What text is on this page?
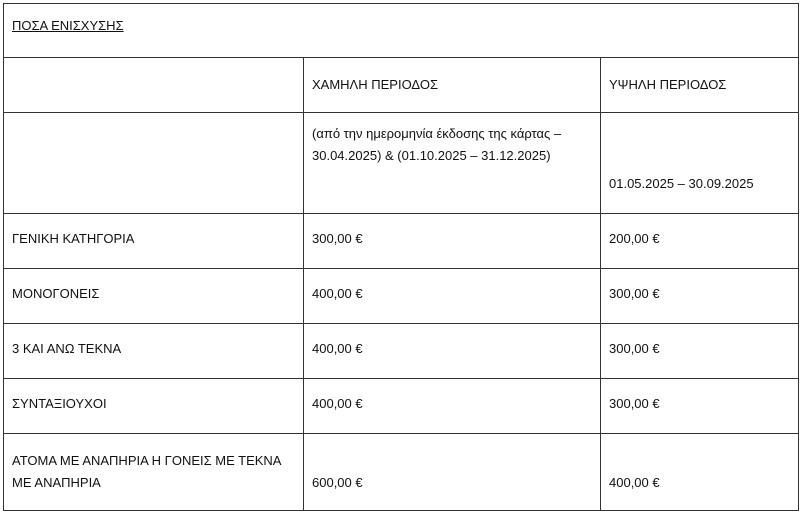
ΠΟΣΑ ΕΝΙΣΧΥΣΗΣ		
	ΧΑΜΗΛΗ ΠΕΡΙΟΔΟΣ	ΥΨΗΛΗ ΠΕΡΙΟΔΟΣ
	(από την ημερομηνία έκδοσης της κάρτας – 30.04.2025) & (01.10.2025 – 31.12.2025)	01.05.2025 – 30.09.2025
ΓΕΝΙΚΗ ΚΑΤΗΓΟΡΙΑ	300,00 €	200,00 €
ΜΟΝΟΓΟΝΕΙΣ	400,00 €	300,00 €
3 ΚΑΙ ΑΝΩ ΤΕΚΝΑ	400,00 €	300,00 €
ΣΥΝΤΑΞΙΟΥΧΟΙ	400,00 €	300,00 €
ΑΤΟΜΑ ΜΕ ΑΝΑΠΗΡΙΑ Η ΓΟΝΕΙΣ ΜΕ ΤΕΚΝΑ ΜΕ ΑΝΑΠΗΡΙΑ	600,00 €	400,00 €
